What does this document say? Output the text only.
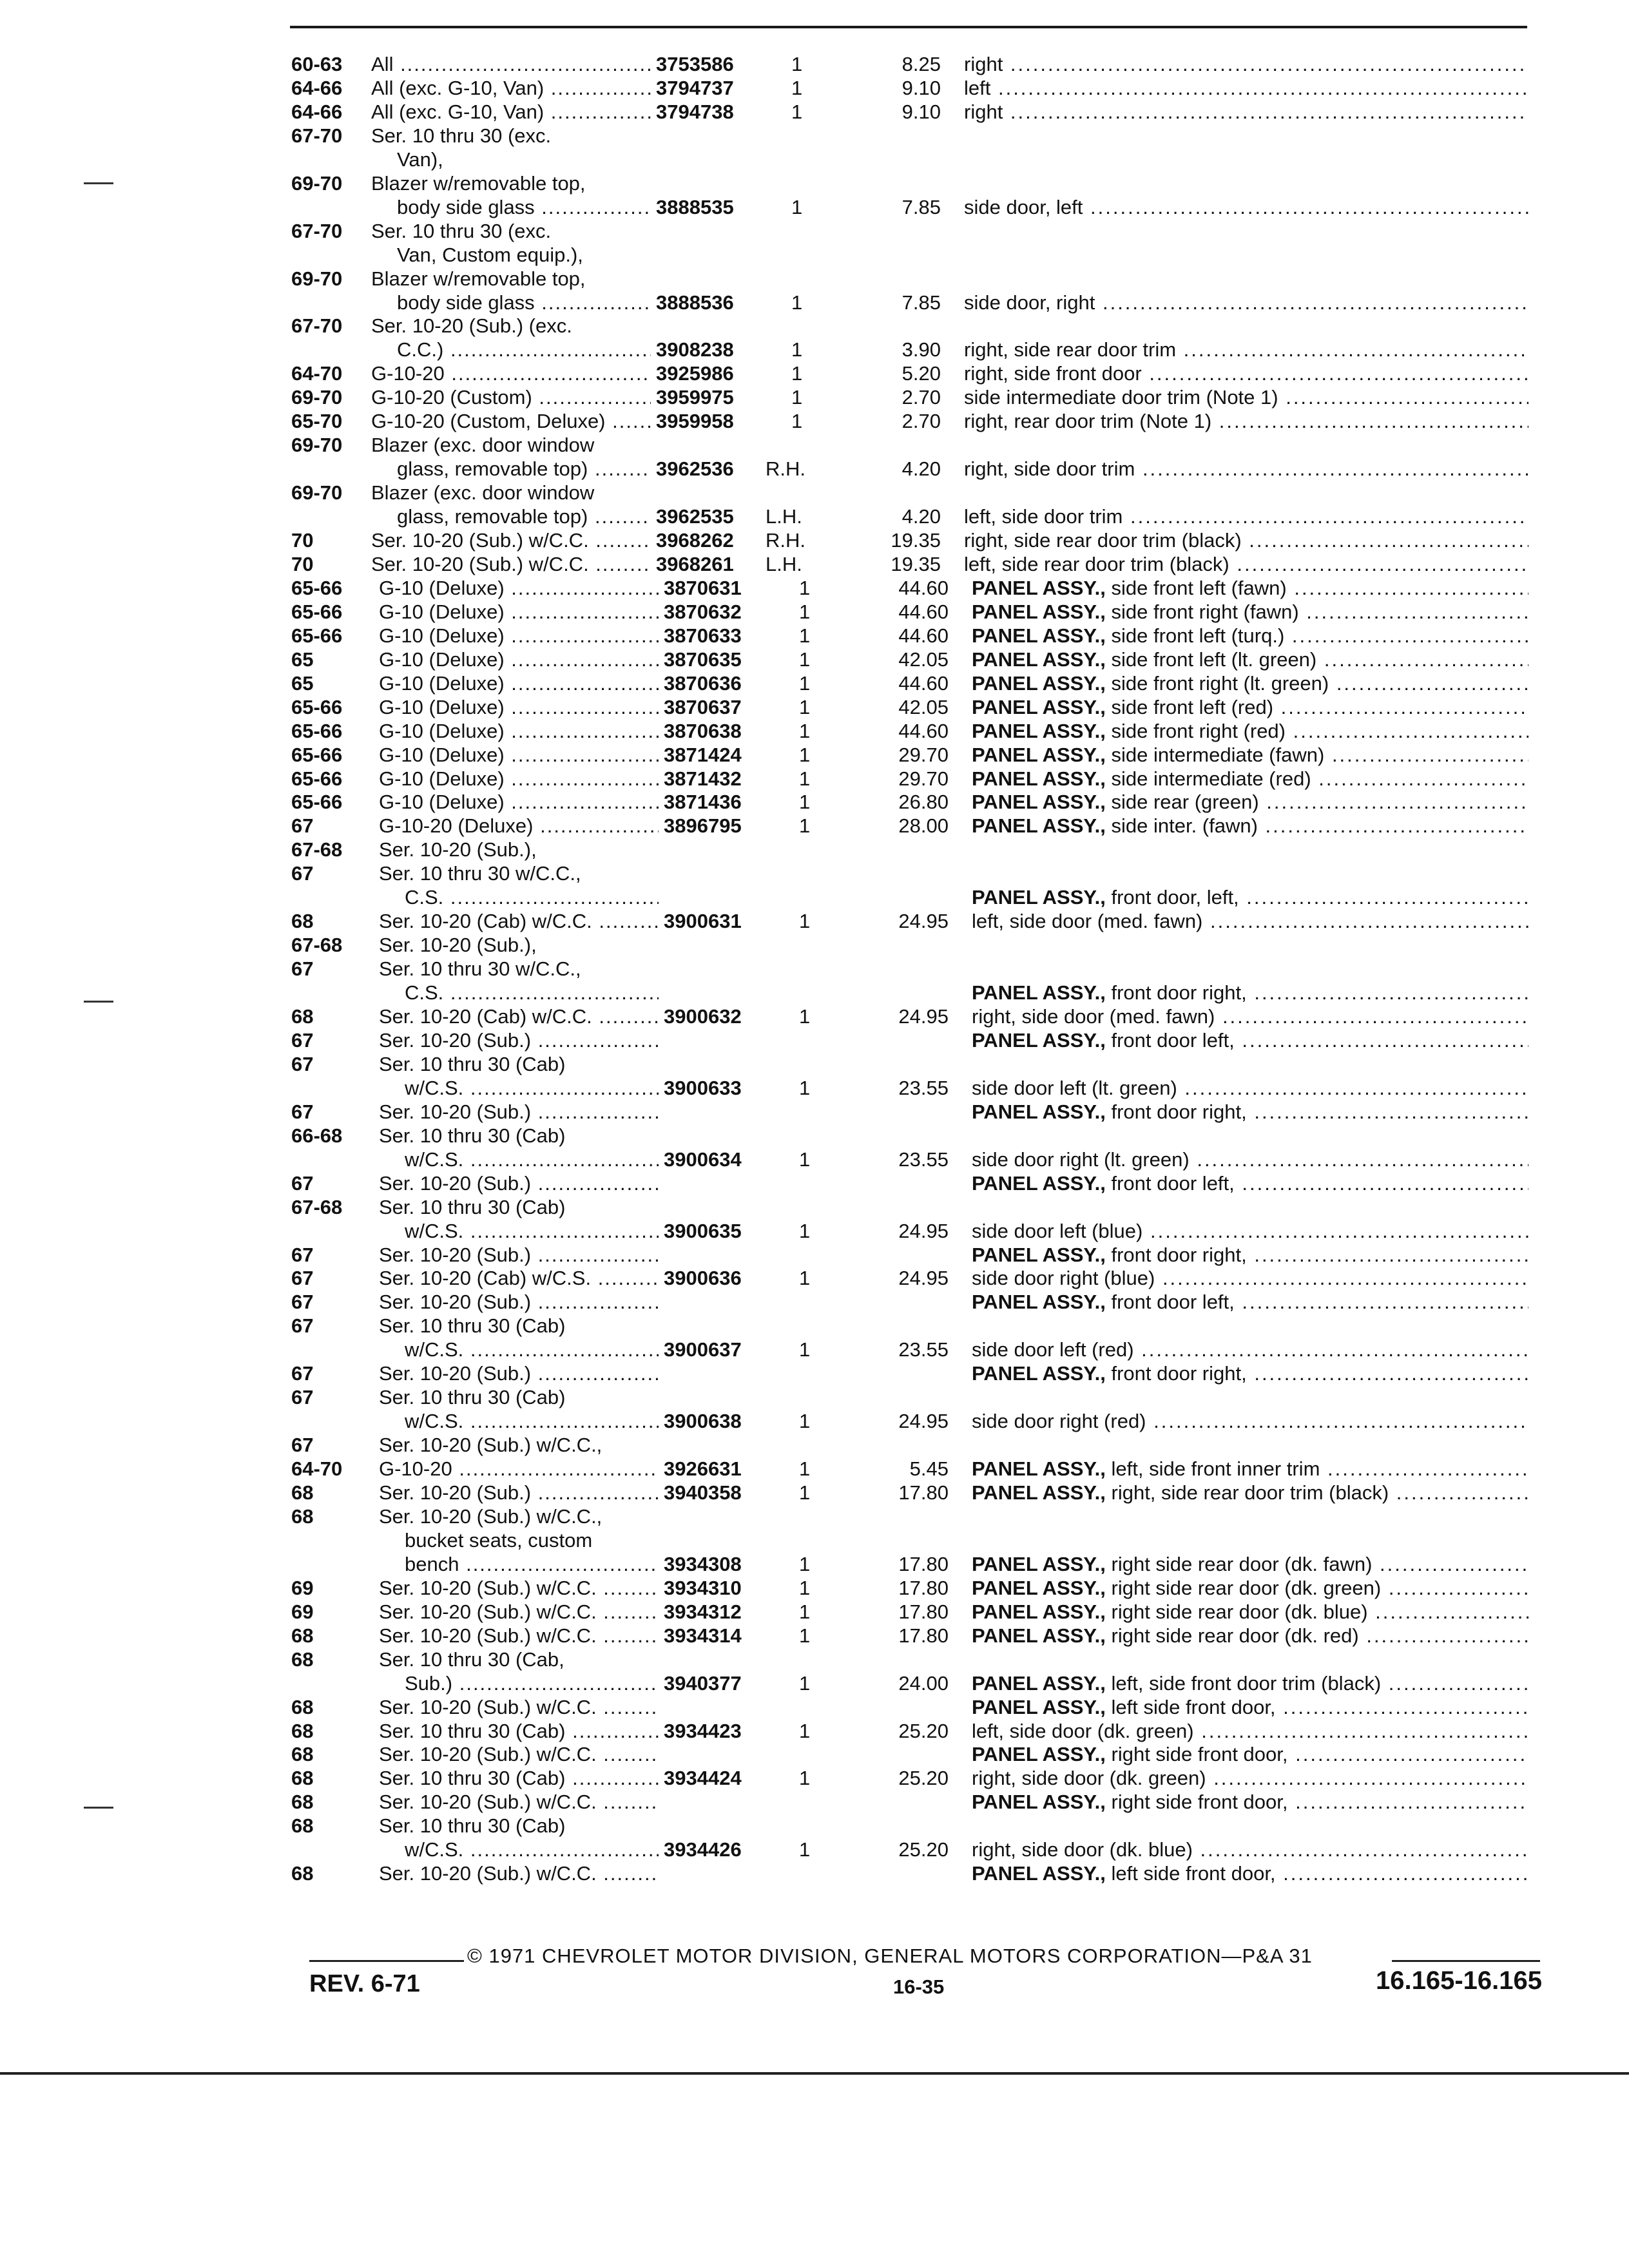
60-63 All .....	3753586	1	8.25 right .....
64-66 All (exc. G-10, Van) .....	3794737	1	9.10 left .....
64-66 All (exc. G-10, Van) .....	3794738	1	9.10 right .....
67-70 Ser. 10 thru 30 (exc.
Van),
69-70 Blazer w/removable top,
body side glass .....	3888535	1	7.85 side door, left .....
67-70 Ser. 10 thru 30 (exc.
Van, Custom equip.),
69-70 Blazer w/removable top,
body side glass .....	3888536	1	7.85 side door, right .....
67-70 Ser. 10-20 (Sub.) (exc.
C.C.) .....	3908238	1	3.90 right, side rear door trim .....
64-70 G-10-20 .....	3925986	1	5.20 right, side front door .....
69-70 G-10-20 (Custom) .....	3959975	1	2.70 side intermediate door trim (Note 1) .....
65-70 G-10-20 (Custom, Deluxe) .....	3959958	1	2.70 right, rear door trim (Note 1) .....
69-70 Blazer (exc. door window
glass, removable top) .....	3962536 R.H.	4.20 right, side door trim .....
69-70 Blazer (exc. door window
glass, removable top) .....	3962535 L.H.	4.20 left, side door trim .....
70	Ser. 10-20 (Sub.) w/C.C. .....	3968262 R.H.	19.35 right, side rear door trim (black) .....
70	Ser. 10-20 (Sub.) w/C.C. .....	3968261 L.H.	19.35 left, side rear door trim (black) .....
65-66 G-10 (Deluxe) .....	3870631	1	44.60 PANEL ASSY., side front left (fawn) .....
65-66 G-10 (Deluxe) .....	3870632	1	44.60 PANEL ASSY., side front right (fawn) .....
65-66 G-10 (Deluxe) .....	3870633	1	44.60 PANEL ASSY., side front left (turq.) .....
65	G-10 (Deluxe) .....	3870635	1	42.05 PANEL ASSY., side front left (lt. green) .....
65	G-10 (Deluxe) .....	3870636	1	44.60 PANEL ASSY., side front right (lt. green) .....
65-66 G-10 (Deluxe) .....	3870637	1	42.05 PANEL ASSY., side front left (red) .....
65-66 G-10 (Deluxe) .....	3870638	1	44.60 PANEL ASSY., side front right (red) .....
65-66 G-10 (Deluxe) .....	3871424	1	29.70 PANEL ASSY., side intermediate (fawn) .....
65-66 G-10 (Deluxe) .....	3871432	1	29.70 PANEL ASSY., side intermediate (red) .....
65-66 G-10 (Deluxe) .....	3871436	1	26.80 PANEL ASSY., side rear (green) .....
67	G-10-20 (Deluxe) .....	3896795	1	28.00 PANEL ASSY., side inter. (fawn) .....
67-68 Ser. 10-20 (Sub.),
67	Ser. 10 thru 30 w/C.C.,
C.S. .....	PANEL ASSY., front door, left, .....
68	Ser. 10-20 (Cab) w/C.C. .....	3900631	1	24.95 left, side door (med. fawn) .....
67-68 Ser. 10-20 (Sub.),
67	Ser. 10 thru 30 w/C.C.,
C.S. .....	PANEL ASSY., front door right, .....
68	Ser. 10-20 (Cab) w/C.C. .....	3900632	1	24.95 right, side door (med. fawn) .....
67	Ser. 10-20 (Sub.) .....	PANEL ASSY., front door left, .....
67	Ser. 10 thru 30 (Cab)
w/C.S. .....	3900633	1	23.55 side door left (lt. green) .....
67	Ser. 10-20 (Sub.) .....	PANEL ASSY., front door right, .....
66-68 Ser. 10 thru 30 (Cab)
w/C.S. .....	3900634	1	23.55 side door right (lt. green) .....
67	Ser. 10-20 (Sub.) .....	PANEL ASSY., front door left, .....
67-68 Ser. 10 thru 30 (Cab)
w/C.S. .....	3900635	1	24.95 side door left (blue) .....
67	Ser. 10-20 (Sub.) .....	PANEL ASSY., front door right, .....
67	Ser. 10-20 (Cab) w/C.S. .....	3900636	1	24.95 side door right (blue) .....
67	Ser. 10-20 (Sub.) .....	PANEL ASSY., front door left, .....
67	Ser. 10 thru 30 (Cab)
w/C.S. .....	3900637	1	23.55 side door left (red) .....
67	Ser. 10-20 (Sub.) .....	PANEL ASSY., front door right, .....
67	Ser. 10 thru 30 (Cab)
w/C.S. .....	3900638	1	24.95 side door right (red) .....
67	Ser. 10-20 (Sub.) w/C.C.,
64-70 G-10-20 .....	3926631	1	5.45 PANEL ASSY., left, side front inner trim .....
68	Ser. 10-20 (Sub.) .....	3940358	1	17.80 PANEL ASSY., right, side rear door trim (black) .....
68	Ser. 10-20 (Sub.) w/C.C.,
bucket seats, custom
bench .....	3934308	1	17.80 PANEL ASSY., right side rear door (dk. fawn) .....
69	Ser. 10-20 (Sub.) w/C.C. .....	3934310	1	17.80 PANEL ASSY., right side rear door (dk. green) .....
69	Ser. 10-20 (Sub.) w/C.C. .....	3934312	1	17.80 PANEL ASSY., right side rear door (dk. blue) .....
68	Ser. 10-20 (Sub.) w/C.C. .....	3934314	1	17.80 PANEL ASSY., right side rear door (dk. red) .....
68	Ser. 10 thru 30 (Cab,
Sub.) .....	3940377	1	24.00 PANEL ASSY., left, side front door trim (black) .....
68	Ser. 10-20 (Sub.) w/C.C. .....	PANEL ASSY., left side front door, .....
68	Ser. 10 thru 30 (Cab) .....	3934423	1	25.20 left, side door (dk. green) .....
68	Ser. 10-20 (Sub.) w/C.C. .....	PANEL ASSY., right side front door, .....
68	Ser. 10 thru 30 (Cab) .....	3934424	1	25.20 right, side door (dk. green) .....
68	Ser. 10-20 (Sub.) w/C.C. .....	PANEL ASSY., right side front door, .....
68	Ser. 10 thru 30 (Cab)
w/C.S. .....	3934426	1	25.20 right, side door (dk. blue) .....
68	Ser. 10-20 (Sub.) w/C.C. .....	PANEL ASSY., left side front door, .....
© 1971 CHEVROLET MOTOR DIVISION, GENERAL MOTORS CORPORATION—P&A 31
REV. 6-71	16-35	16.165-16.165
